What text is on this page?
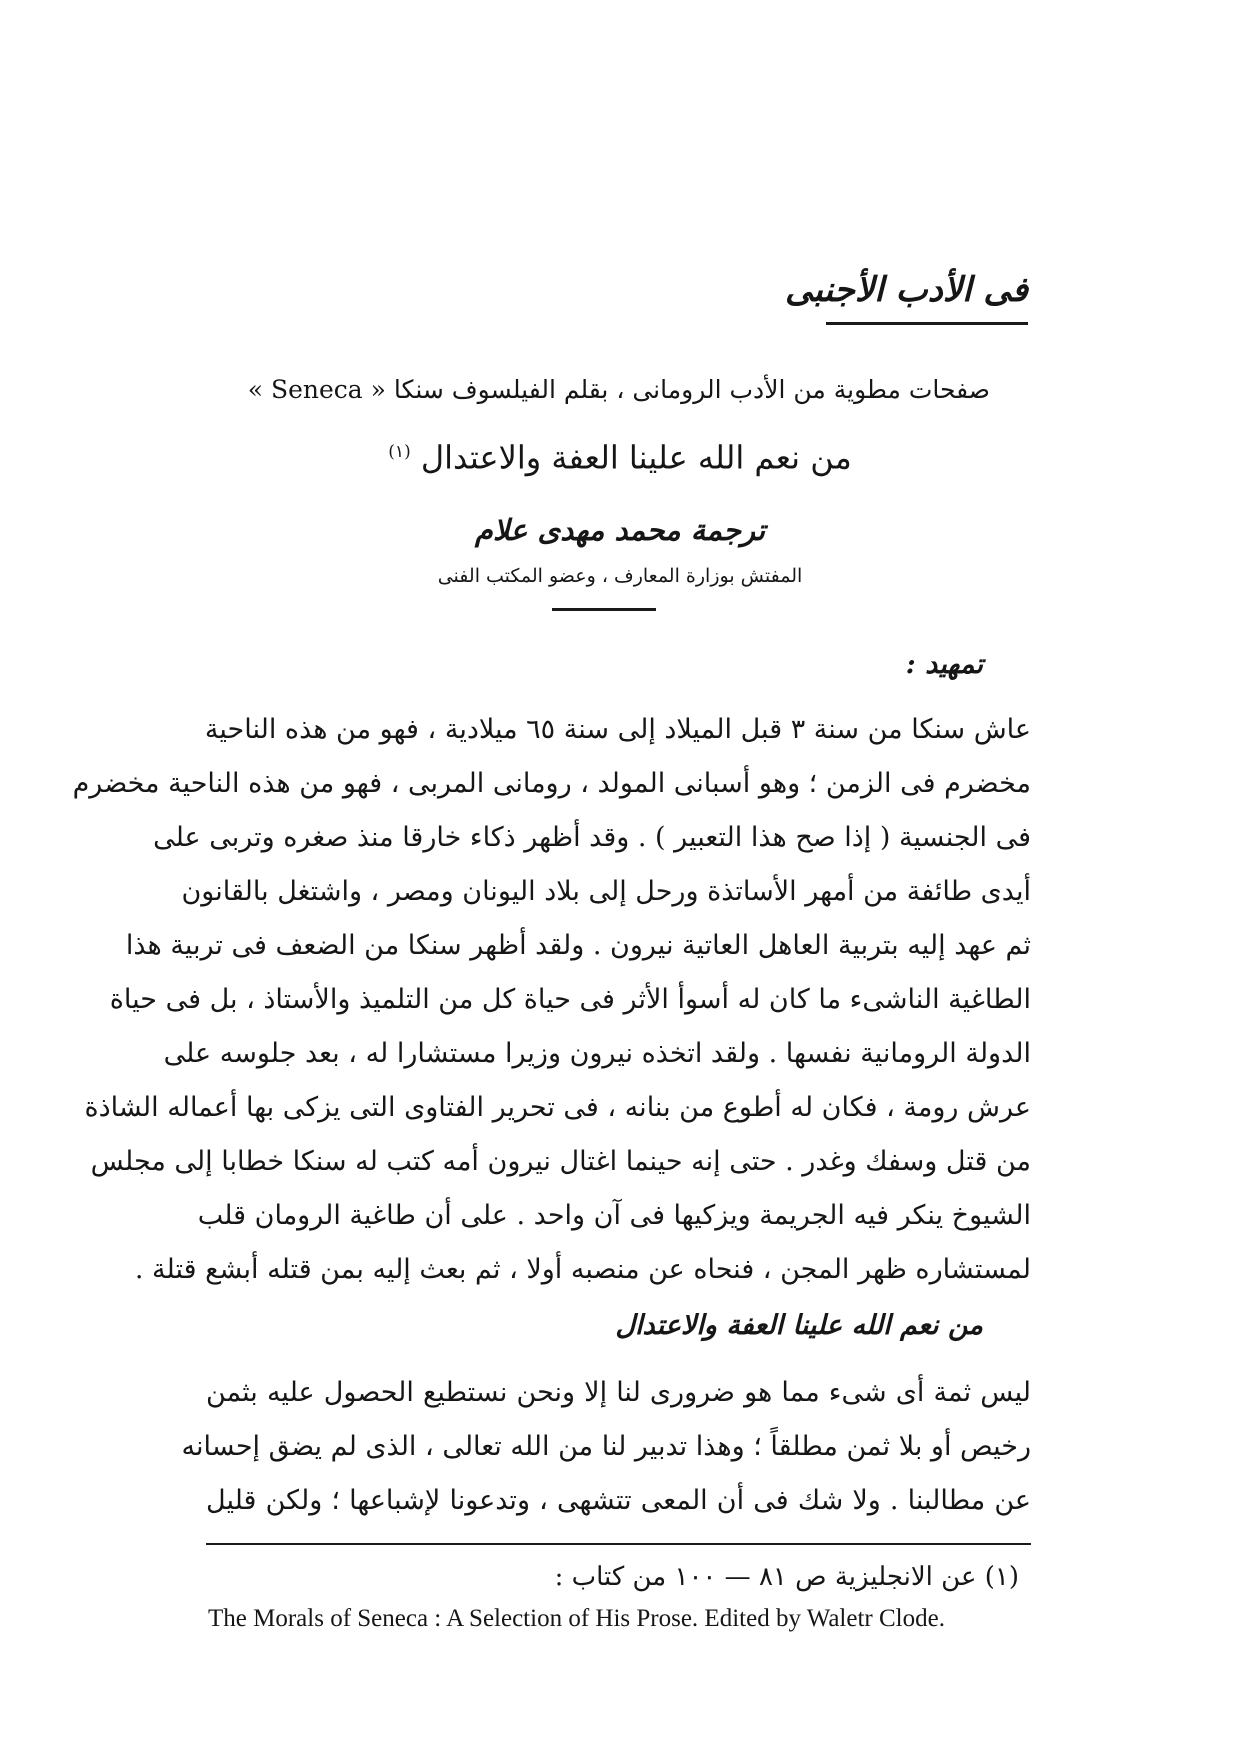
فى الأدب الأجنبى
صفحات مطوية من الأدب الرومانى ، بقلم الفيلسوف سنكا « Seneca »
من نعم الله علينا العفة والاعتدال $^{(١)}$
ترجمة محمد مهدى علام
المفتش بوزارة المعارف ، وعضو المكتب الفنى
تمهيد :
عاش سنكا من سنة ٣ قبل الميلاد إلى سنة ٦٥ ميلادية ، فهو من هذه الناحية
مخضرم فى الزمن ؛ وهو أسبانى المولد ، رومانى المربى ، فهو من هذه الناحية مخضرم
فى الجنسية ( إذا صح هذا التعبير ) . وقد أظهر ذكاء خارقا منذ صغره وتربى على
أيدى طائفة من أمهر الأساتذة ورحل إلى بلاد اليونان ومصر ، واشتغل بالقانون
ثم عهد إليه بتربية العاهل العاتية نيرون . ولقد أظهر سنكا من الضعف فى تربية هذا
الطاغية الناشىء ما كان له أسوأ الأثر فى حياة كل من التلميذ والأستاذ ، بل فى حياة
الدولة الرومانية نفسها . ولقد اتخذه نيرون وزيرا مستشارا له ، بعد جلوسه على
عرش رومة ، فكان له أطوع من بنانه ، فى تحرير الفتاوى التى يزكى بها أعماله الشاذة
من قتل وسفك وغدر . حتى إنه حينما اغتال نيرون أمه كتب له سنكا خطابا إلى مجلس
الشيوخ ينكر فيه الجريمة ويزكيها فى آن واحد . على أن طاغية الرومان قلب
لمستشاره ظهر المجن ، فنحاه عن منصبه أولا ، ثم بعث إليه بمن قتله أبشع قتلة .
من نعم الله علينا العفة والاعتدال
ليس ثمة أى شىء مما هو ضرورى لنا إلا ونحن نستطيع الحصول عليه بثمن
رخيص أو بلا ثمن مطلقاً ؛ وهذا تدبير لنا من الله تعالى ، الذى لم يضق إحسانه
عن مطالبنا . ولا شك فى أن المعى تتشهى ، وتدعونا لإشباعها ؛ ولكن قليل
(١) عن الانجليزية ص ٨١ — ١٠٠ من كتاب :
The Morals of Seneca : A Selection of His Prose. Edited by Waletr Clode.
